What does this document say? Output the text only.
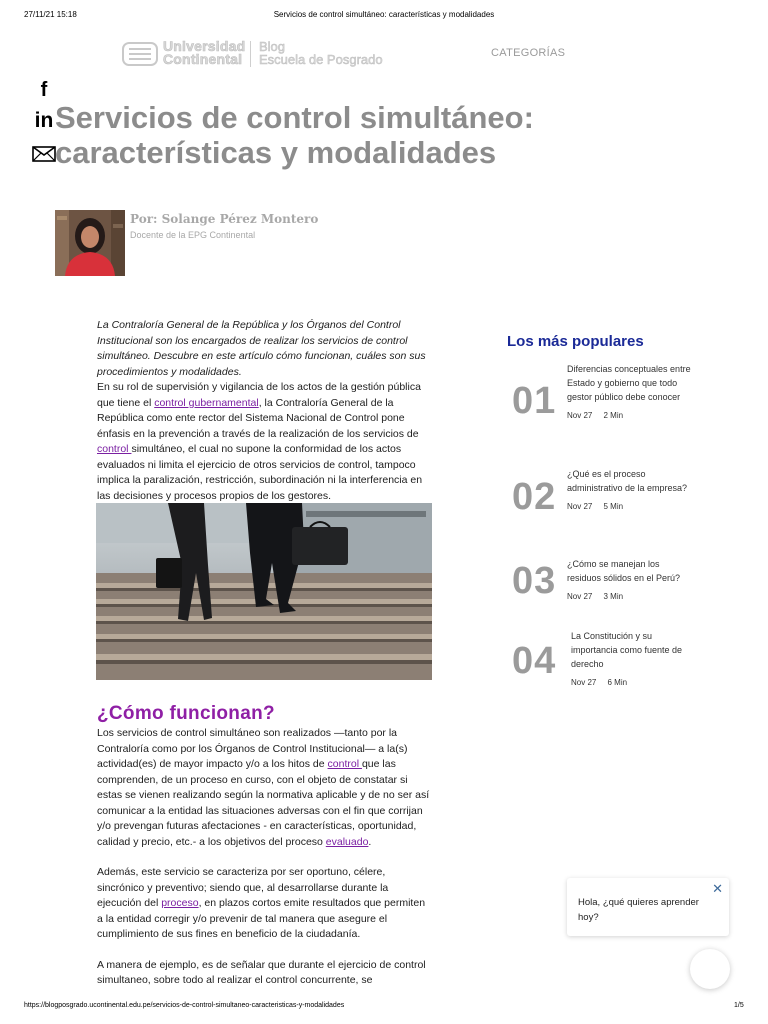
27/11/21 15:18	Servicios de control simultáneo: características y modalidades
Universidad
Continental
Blog
Escuela de Posgrado	CATEGORÍAS
f
in Servicios de control simultáneo: características y modalidades
Por: Solange Pérez Montero
Docente de la EPG Continental
La Contraloría General de la República y los Órganos del Control Institucional son los encargados de realizar los servicios de control simultáneo. Descubre en este artículo cómo funcionan, cuáles son sus procedimientos y modalidades.
En su rol de supervisión y vigilancia de los actos de la gestión pública que tiene el control gubernamental, la Contraloría General de la República como ente rector del Sistema Nacional de Control pone énfasis en la prevención a través de la realización de los servicios de control simultáneo, el cual no supone la conformidad de los actos evaluados ni limita el ejercicio de otros servicios de control, tampoco implica la paralización, restricción, subordinación ni la interferencia en las decisiones y procesos propios de los gestores.
¿Cómo funcionan?
Los servicios de control simultáneo son realizados —tanto por la Contraloría como por los Órganos de Control Institucional— a la(s) actividad(es) de mayor impacto y/o a los hitos de control que las comprenden, de un proceso en curso, con el objeto de constatar si estas se vienen realizando según la normativa aplicable y de no ser así comunicar a la entidad las situaciones adversas con el fin que corrijan y/o prevengan futuras afectaciones - en características, oportunidad, calidad y precio, etc.- a los objetivos del proceso evaluado.
Además, este servicio se caracteriza por ser oportuno, célere, sincrónico y preventivo; siendo que, al desarrollarse durante la ejecución del proceso, en plazos cortos emite resultados que permiten a la entidad corregir y/o prevenir de tal manera que asegure el cumplimiento de sus fines en beneficio de la ciudadanía.
A manera de ejemplo, es de señalar que durante el ejercicio de control simultaneo, sobre todo al realizar el control concurrente, se
https://blogposgrado.ucontinental.edu.pe/servicios-de-control-simultaneo-caracteristicas-y-modalidades	1/5
Los más populares
01
Diferencias conceptuales entre Estado y gobierno que todo gestor público debe conocer
Nov 27 2 Min
02
¿Qué es el proceso administrativo de la empresa?
Nov 27 5 Min
03 ¿Cómo se manejan los residuos sólidos en el Perú?
Nov 27 3 Min
04
La Constitución y su importancia como fuente de derecho
Nov 27 6 Min
✕
Hola, ¿qué quieres aprender hoy?
